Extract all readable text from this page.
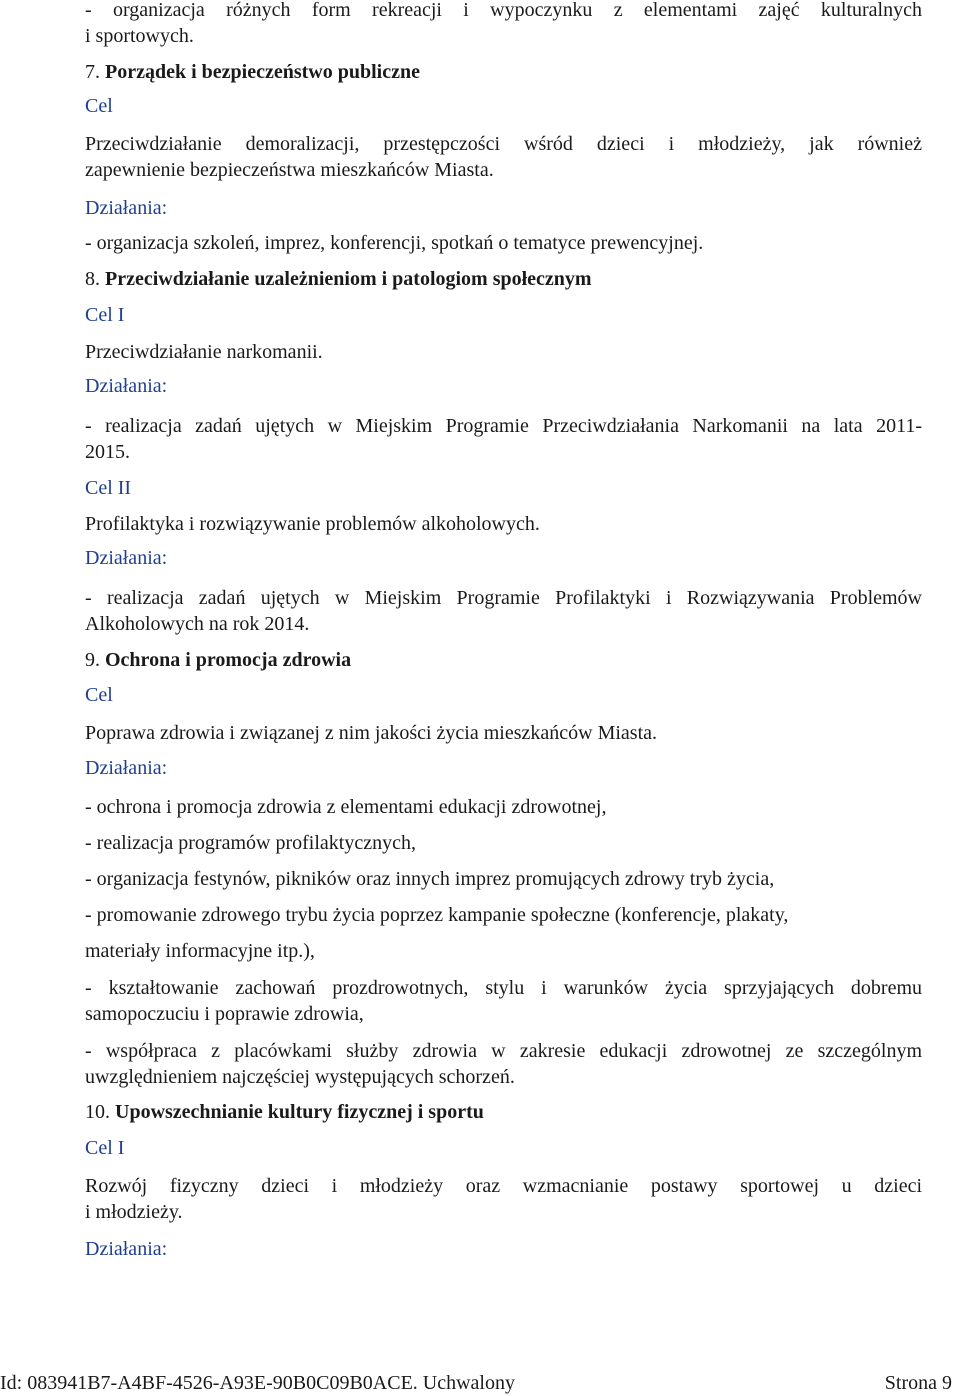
- organizacja różnych form rekreacji i wypoczynku z elementami zajęć kulturalnych
i sportowych.
7. Porządek i bezpieczeństwo publiczne
Cel
Przeciwdziałanie demoralizacji, przestępczości wśród dzieci i młodzieży, jak również
zapewnienie bezpieczeństwa mieszkańców Miasta.
Działania:
- organizacja szkoleń, imprez, konferencji, spotkań o tematyce prewencyjnej.
8. Przeciwdziałanie uzależnieniom i patologiom społecznym
Cel I
Przeciwdziałanie narkomanii.
Działania:
- realizacja zadań ujętych w Miejskim Programie Przeciwdziałania Narkomanii na lata 2011-
2015.
Cel II
Profilaktyka i rozwiązywanie problemów alkoholowych.
Działania:
- realizacja zadań ujętych w Miejskim Programie Profilaktyki i Rozwiązywania Problemów
Alkoholowych na rok 2014.
9. Ochrona i promocja zdrowia
Cel
Poprawa zdrowia i związanej z nim jakości życia mieszkańców Miasta.
Działania:
- ochrona i promocja zdrowia z elementami edukacji zdrowotnej,
- realizacja programów profilaktycznych,
- organizacja festynów, pikników oraz innych imprez promujących zdrowy tryb życia,
- promowanie zdrowego trybu życia poprzez kampanie społeczne (konferencje, plakaty,
materiały informacyjne itp.),
- kształtowanie zachowań prozdrowotnych, stylu i warunków życia sprzyjających dobremu
samopoczuciu i poprawie zdrowia,
- współpraca z placówkami służby zdrowia w zakresie edukacji zdrowotnej ze szczególnym
uwzględnieniem najczęściej występujących schorzeń.
10. Upowszechnianie kultury fizycznej i sportu
Cel I
Rozwój fizyczny dzieci i młodzieży oraz wzmacnianie postawy sportowej u dzieci
i młodzieży.
Działania:
Id: 083941B7-A4BF-4526-A93E-90B0C09B0ACE. Uchwalony	Strona 9
